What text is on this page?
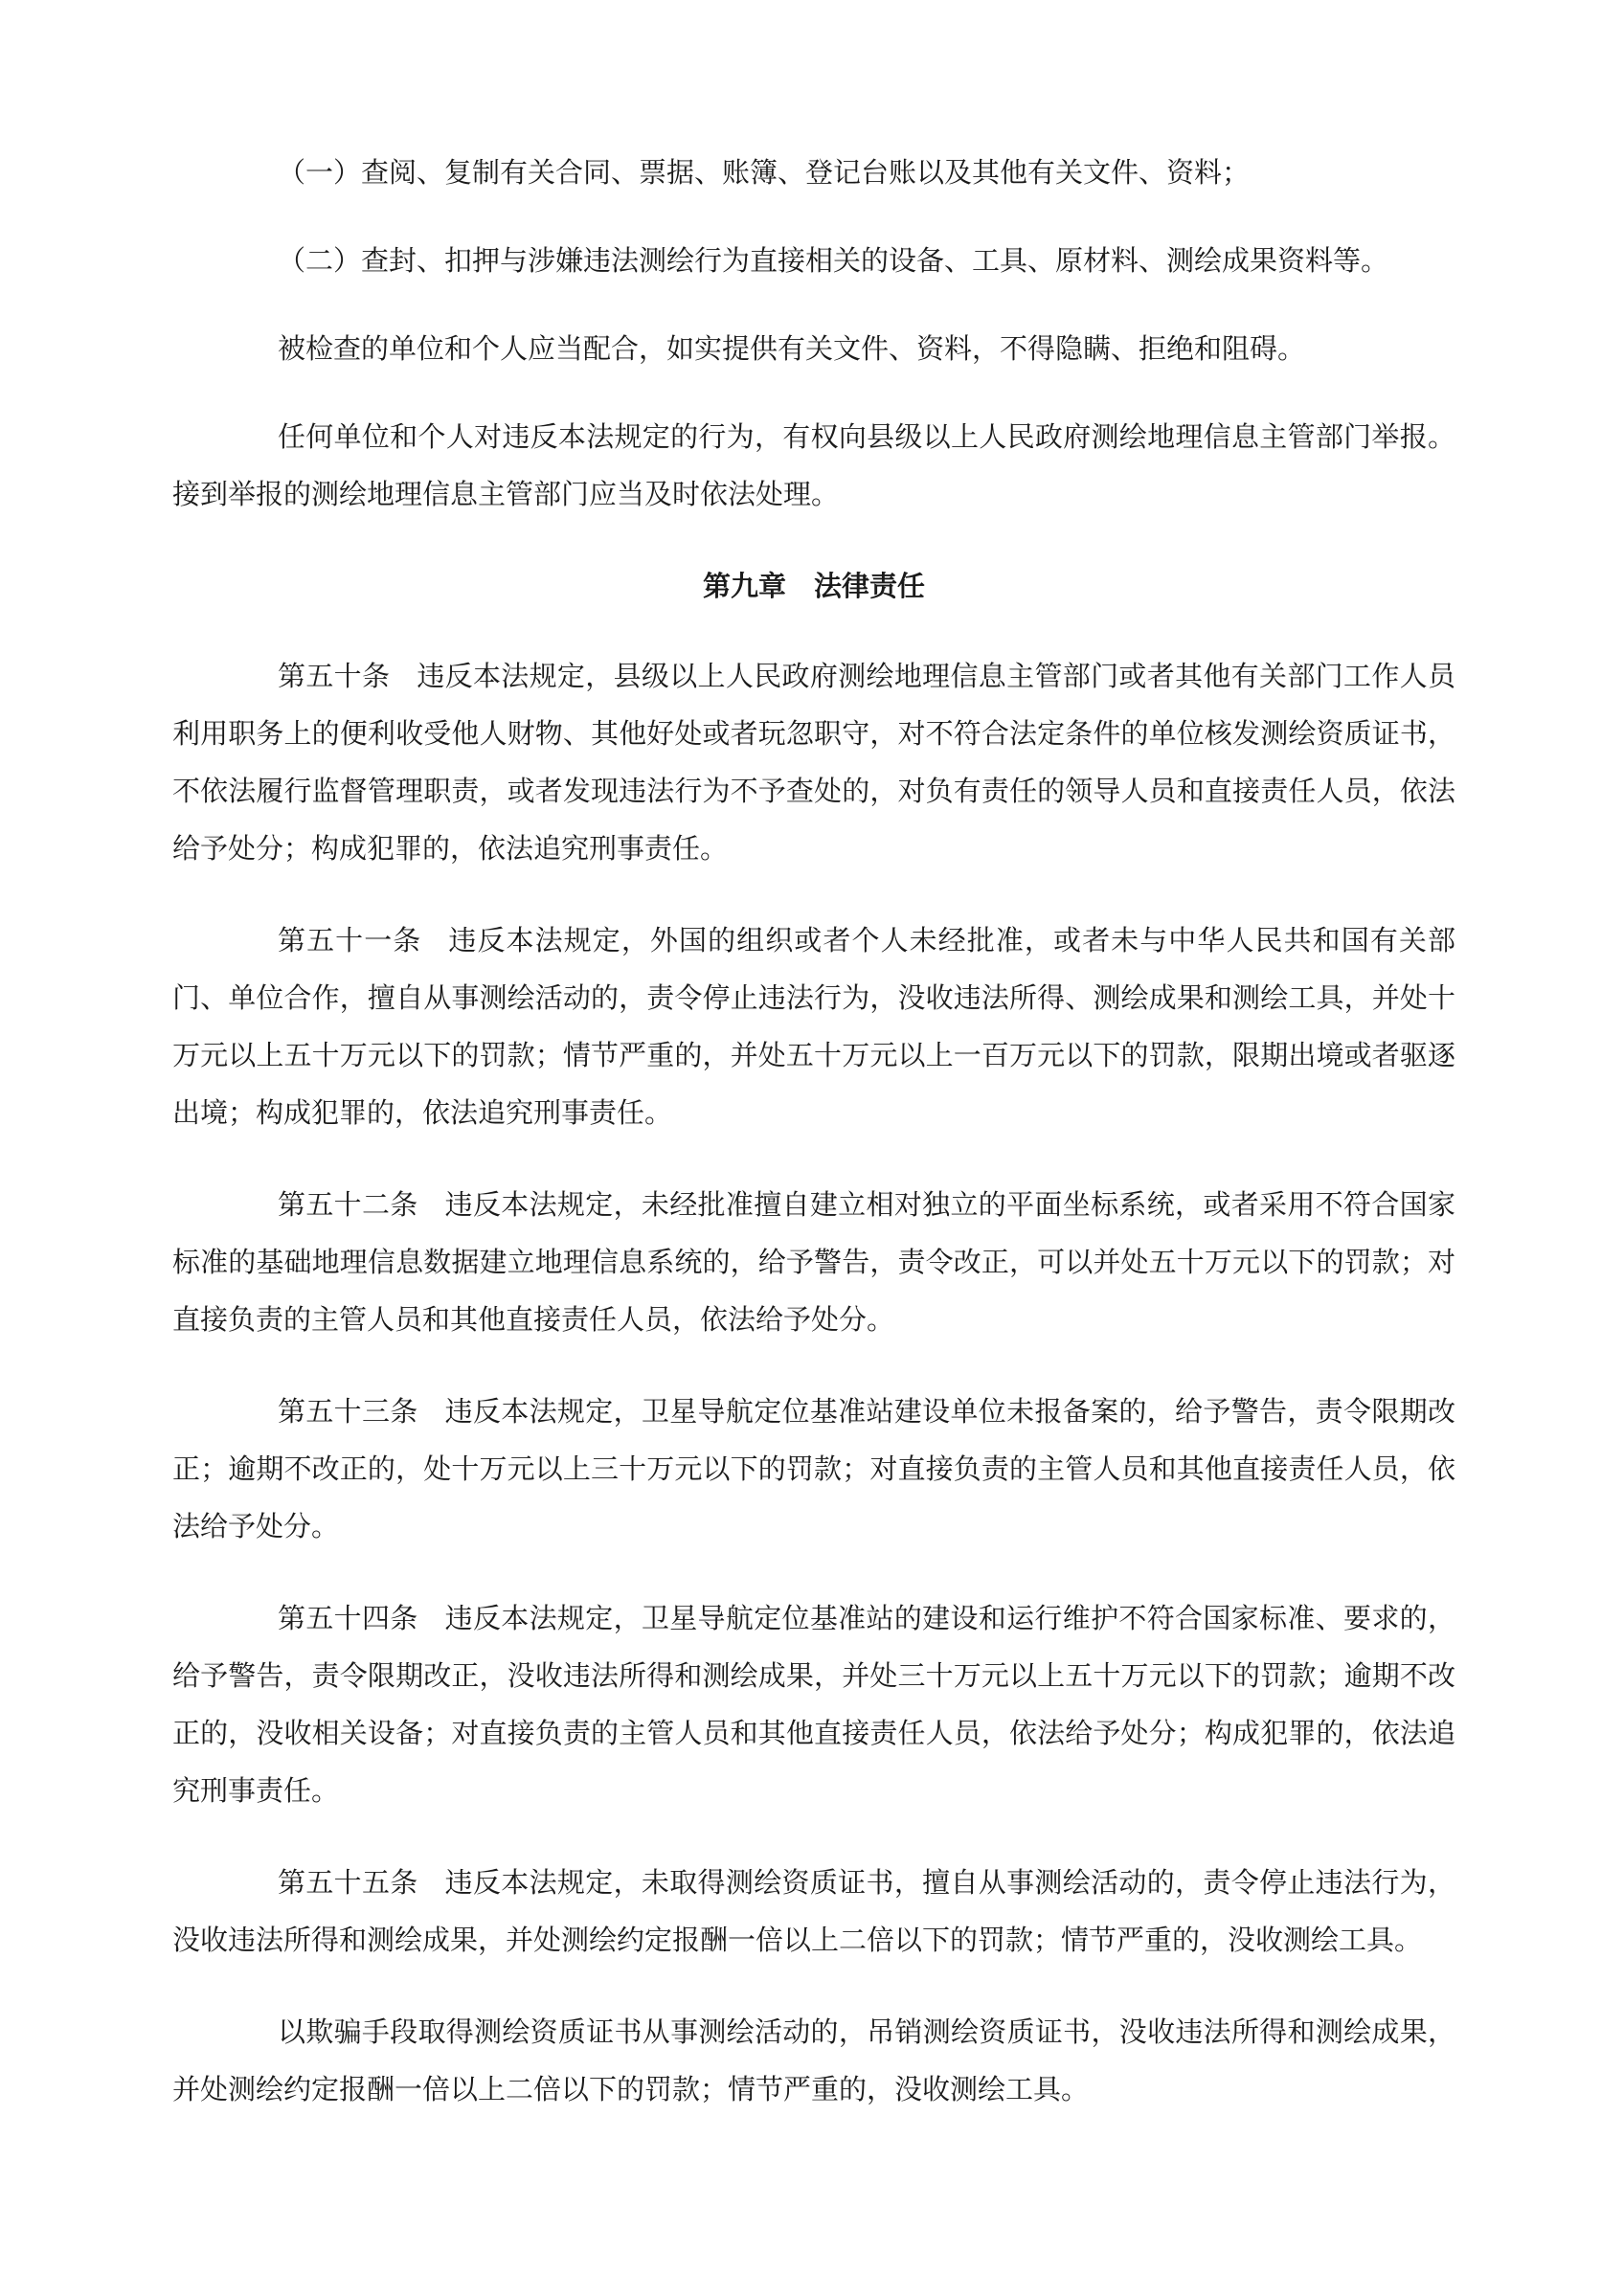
（一）查阅、复制有关合同、票据、账簿、登记台账以及其他有关文件、资料；

（二）查封、扣押与涉嫌违法测绘行为直接相关的设备、工具、原材料、测绘成果资料等。

被检查的单位和个人应当配合，如实提供有关文件、资料，不得隐瞒、拒绝和阻碍。

任何单位和个人对违反本法规定的行为，有权向县级以上人民政府测绘地理信息主管部门举报。接到举报的测绘地理信息主管部门应当及时依法处理。

第九章　法律责任

第五十条 违反本法规定，县级以上人民政府测绘地理信息主管部门或者其他有关部门工作人员利用职务上的便利收受他人财物、其他好处或者玩忽职守，对不符合法定条件的单位核发测绘资质证书，不依法履行监督管理职责，或者发现违法行为不予查处的，对负有责任的领导人员和直接责任人员，依法给予处分；构成犯罪的，依法追究刑事责任。

第五十一条 违反本法规定，外国的组织或者个人未经批准，或者未与中华人民共和国有关部门、单位合作，擅自从事测绘活动的，责令停止违法行为，没收违法所得、测绘成果和测绘工具，并处十万元以上五十万元以下的罚款；情节严重的，并处五十万元以上一百万元以下的罚款，限期出境或者驱逐出境；构成犯罪的，依法追究刑事责任。

第五十二条 违反本法规定，未经批准擅自建立相对独立的平面坐标系统，或者采用不符合国家标准的基础地理信息数据建立地理信息系统的，给予警告，责令改正，可以并处五十万元以下的罚款；对直接负责的主管人员和其他直接责任人员，依法给予处分。

第五十三条 违反本法规定，卫星导航定位基准站建设单位未报备案的，给予警告，责令限期改正；逾期不改正的，处十万元以上三十万元以下的罚款；对直接负责的主管人员和其他直接责任人员，依法给予处分。

第五十四条 违反本法规定，卫星导航定位基准站的建设和运行维护不符合国家标准、要求的，给予警告，责令限期改正，没收违法所得和测绘成果，并处三十万元以上五十万元以下的罚款；逾期不改正的，没收相关设备；对直接负责的主管人员和其他直接责任人员，依法给予处分；构成犯罪的，依法追究刑事责任。

第五十五条 违反本法规定，未取得测绘资质证书，擅自从事测绘活动的，责令停止违法行为，没收违法所得和测绘成果，并处测绘约定报酬一倍以上二倍以下的罚款；情节严重的，没收测绘工具。

以欺骗手段取得测绘资质证书从事测绘活动的，吊销测绘资质证书，没收违法所得和测绘成果，并处测绘约定报酬一倍以上二倍以下的罚款；情节严重的，没收测绘工具。
